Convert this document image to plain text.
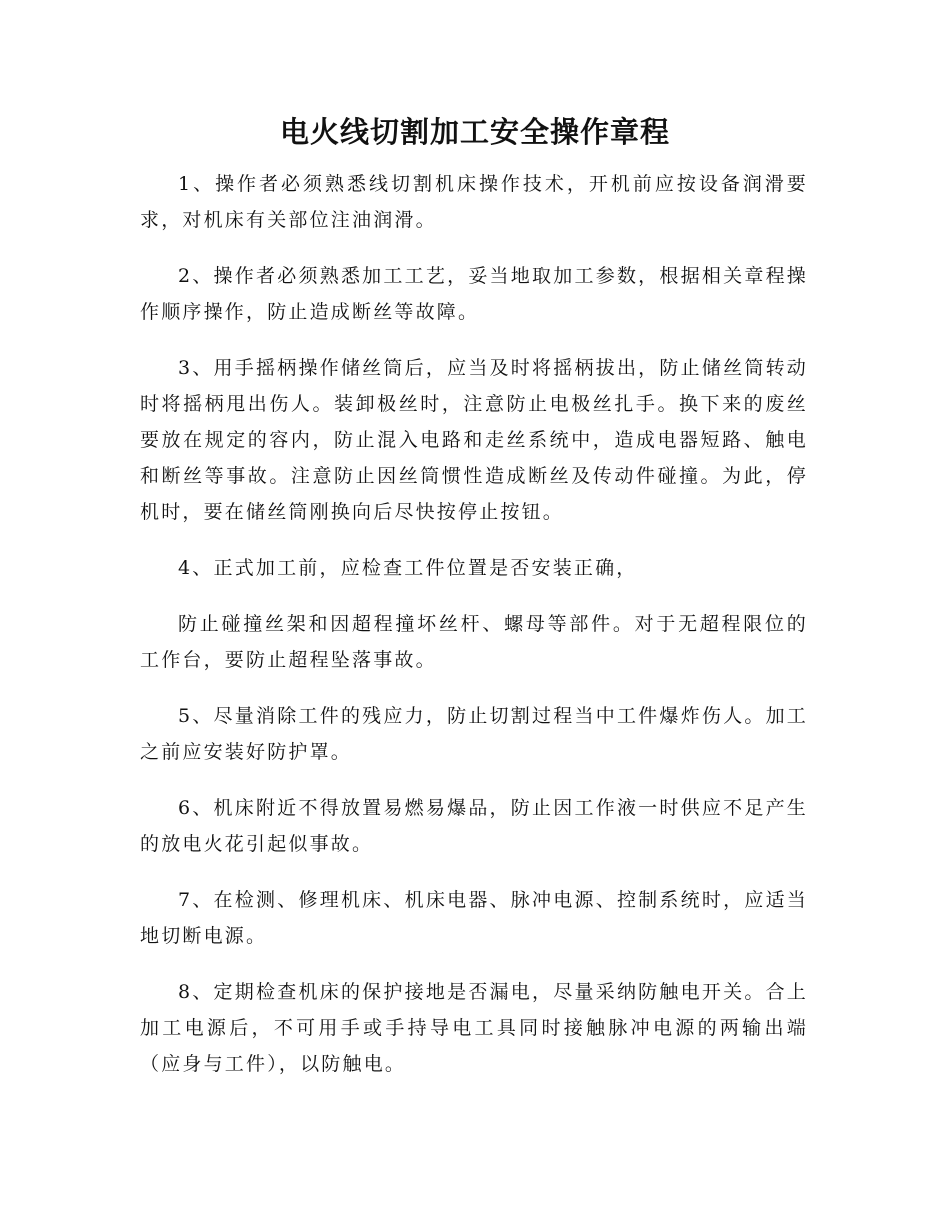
电火线切割加工安全操作章程

1、操作者必须熟悉线切割机床操作技术，开机前应按设备润滑要求，对机床有关部位注油润滑。

2、操作者必须熟悉加工工艺，妥当地取加工参数，根据相关章程操作顺序操作，防止造成断丝等故障。

3、用手摇柄操作储丝筒后，应当及时将摇柄拔出，防止储丝筒转动时将摇柄甩出伤人。装卸极丝时，注意防止电极丝扎手。换下来的废丝要放在规定的容内，防止混入电路和走丝系统中，造成电器短路、触电和断丝等事故。注意防止因丝筒惯性造成断丝及传动件碰撞。为此，停机时，要在储丝筒刚换向后尽快按停止按钮。

4、正式加工前，应检查工件位置是否安装正确，

防止碰撞丝架和因超程撞坏丝杆、螺母等部件。对于无超程限位的工作台，要防止超程坠落事故。

5、尽量消除工件的残应力，防止切割过程当中工件爆炸伤人。加工之前应安装好防护罩。

6、机床附近不得放置易燃易爆品，防止因工作液一时供应不足产生的放电火花引起似事故。

7、在检测、修理机床、机床电器、脉冲电源、控制系统时，应适当地切断电源。

8、定期检查机床的保护接地是否漏电，尽量采纳防触电开关。合上加工电源后，不可用手或手持导电工具同时接触脉冲电源的两输出端（应身与工件），以防触电。
